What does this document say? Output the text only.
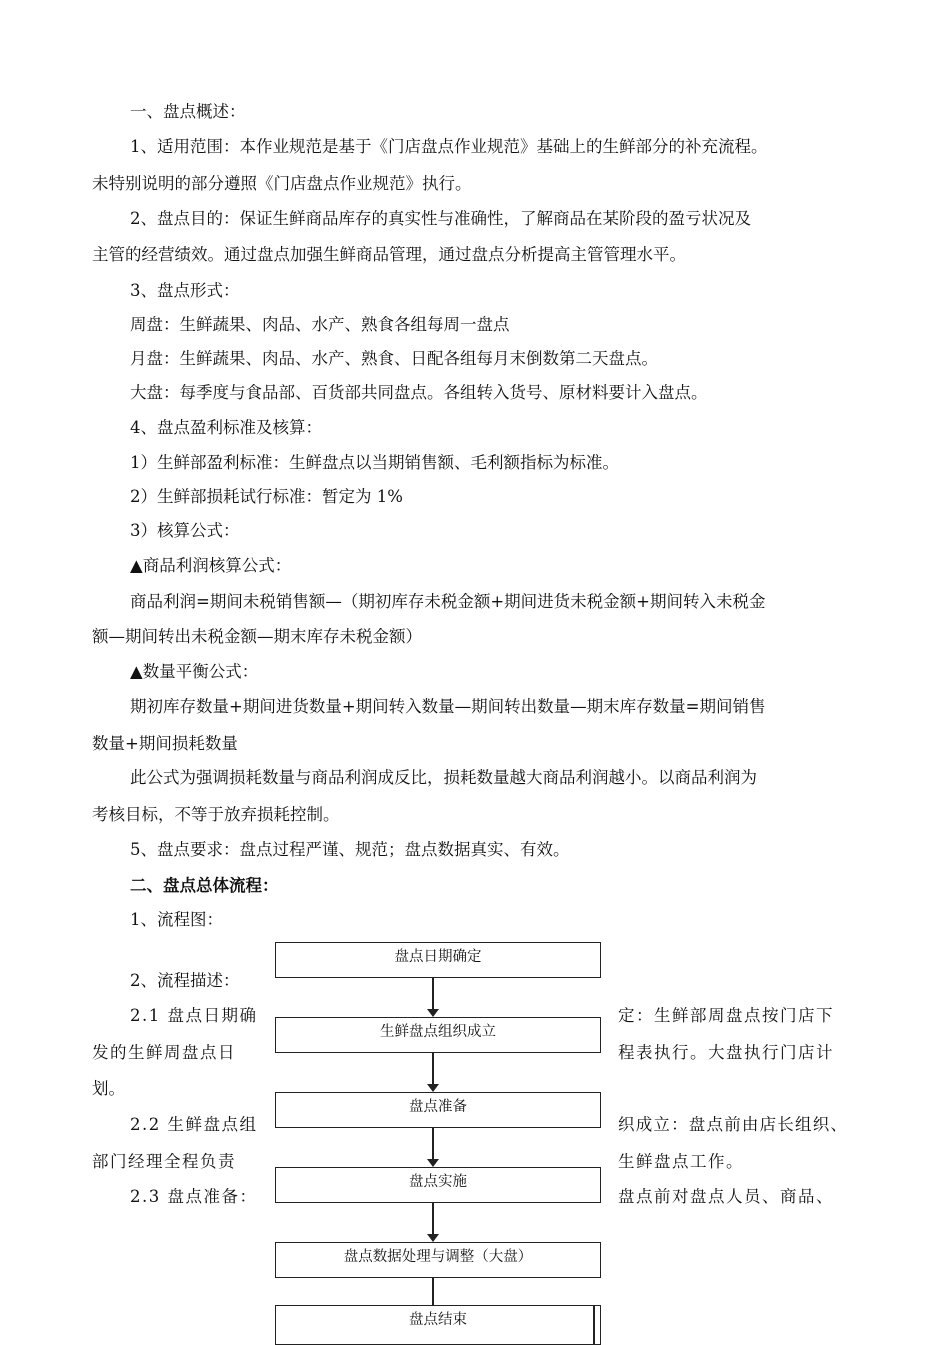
一、盘点概述：
1、适用范围：本作业规范是基于《门店盘点作业规范》基础上的生鲜部分的补充流程。
未特别说明的部分遵照《门店盘点作业规范》执行。
2、盘点目的：保证生鲜商品库存的真实性与准确性，了解商品在某阶段的盈亏状况及
主管的经营绩效。通过盘点加强生鲜商品管理，通过盘点分析提高主管管理水平。
3、盘点形式：
周盘：生鲜蔬果、肉品、水产、熟食各组每周一盘点
月盘：生鲜蔬果、肉品、水产、熟食、日配各组每月末倒数第二天盘点。
大盘：每季度与食品部、百货部共同盘点。各组转入货号、原材料要计入盘点。
4、盘点盈利标准及核算：
1）生鲜部盈利标准：生鲜盘点以当期销售额、毛利额指标为标准。
2）生鲜部损耗试行标准：暂定为 1%
3）核算公式：
▲商品利润核算公式：
商品利润=期间未税销售额—（期初库存未税金额+期间进货未税金额+期间转入未税金
额—期间转出未税金额—期末库存未税金额）
▲数量平衡公式：
期初库存数量+期间进货数量+期间转入数量—期间转出数量—期末库存数量=期间销售
数量+期间损耗数量
此公式为强调损耗数量与商品利润成反比，损耗数量越大商品利润越小。以商品利润为
考核目标，不等于放弃损耗控制。
5、盘点要求：盘点过程严谨、规范；盘点数据真实、有效。
二、盘点总体流程：
1、流程图：
2、流程描述：
2.1 盘点日期确	定：生鲜部周盘点按门店下
发的生鲜周盘点日	程表执行。大盘执行门店计
划。
2.2 生鲜盘点组	织成立：盘点前由店长组织、
部门经理全程负责	生鲜盘点工作。
2.3 盘点准备：	盘点前对盘点人员、商品、
盘点日期确定
生鲜盘点组织成立
盘点准备
盘点实施
盘点数据处理与调整（大盘）
盘点结束
